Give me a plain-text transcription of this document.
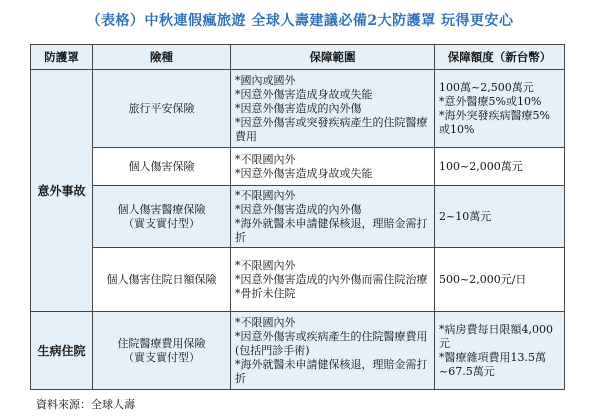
（表格）中秋連假瘋旅遊 全球人壽建議必備2大防護罩 玩得更安心
防護罩	險種	保障範圍	保障額度（新台幣）
意外事故	旅行平安保險	*國內或國外
*因意外傷害造成身故或失能
*因意外傷害造成的內外傷
*因意外傷害或突發疾病產生的住院醫療費用	100萬~2,500萬元
*意外醫療5%或10%
*海外突發疾病醫療5%或10%

	個人傷害保險	*不限國內外
*因意外傷害造成身故或失能	100~2,000萬元

	個人傷害醫療保險
（實支實付型）	*不限國內外
*因意外傷害造成的內外傷
*海外就醫未申請健保核退，理賠金需打折	2~10萬元

	個人傷害住院日額保險	*不限國內外
*因意外傷害造成的內外傷而需住院治療
*骨折未住院	500~2,000元/日

生病住院	住院醫療費用保險
（實支實付型）	*不限國內外
*因意外傷害或疾病產生的住院醫療費用(包括門診手術)
*海外就醫未申請健保核退，理賠金需打折	*病房費每日限額4,000元
*醫療雜項費用13.5萬~67.5萬元
資料來源：全球人壽
